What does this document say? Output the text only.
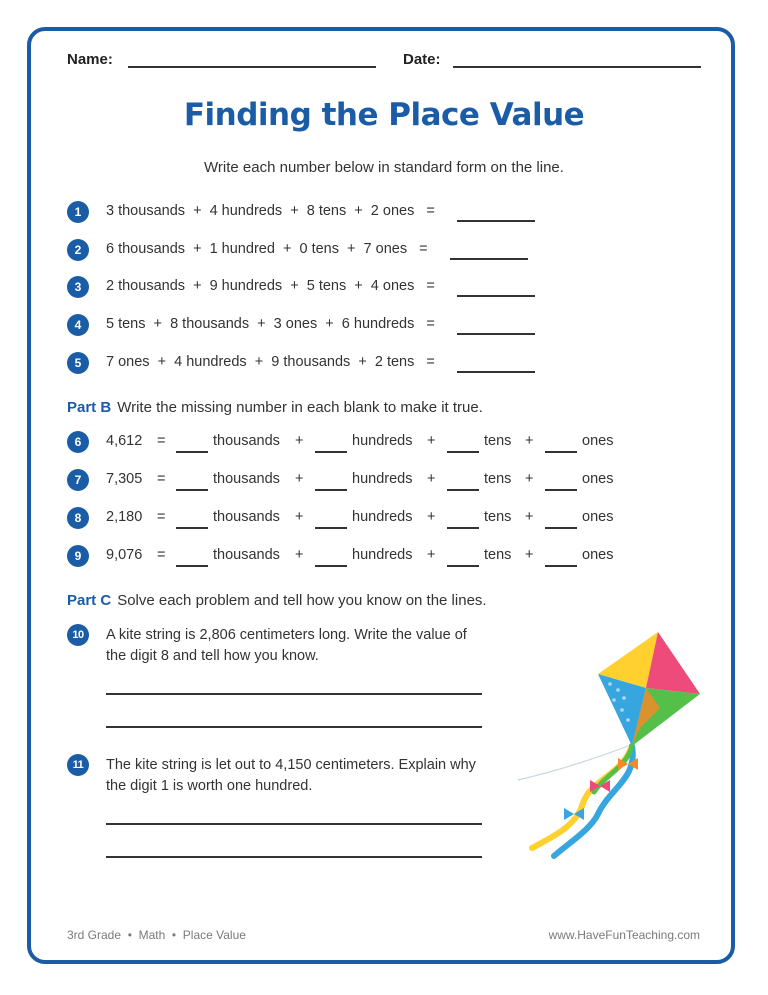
Name:	Date:
Finding the Place Value
Write each number below in standard form on the line.
1	3 thousands  +  4 hundreds  +  8 tens  +  2 ones   =
2	6 thousands  +  1 hundred  +  0 tens  +  7 ones   =
3	2 thousands  +  9 hundreds  +  5 tens  +  4 ones   =
4	5 tens  +  8 thousands  +  3 ones  +  6 hundreds   =
5	7 ones  +  4 hundreds  +  9 thousands  +  2 tens   =
Part B Write the missing number in each blank to make it true.
6	4,612 =	thousands +	hundreds +	tens +	ones
7	7,305 =	thousands +	hundreds +	tens +	ones
8	2,180 =	thousands +	hundreds +	tens +	ones
9	9,076 =	thousands +	hundreds +	tens +	ones
Part C Solve each problem and tell how you know on the lines.
10	A kite string is 2,806 centimeters long. Write the value of the digit 8 and tell how you know.
11	The kite string is let out to 4,150 centimeters. Explain why the digit 1 is worth one hundred.
3rd Grade  •  Math  •  Place Value	www.HaveFunTeaching.com
